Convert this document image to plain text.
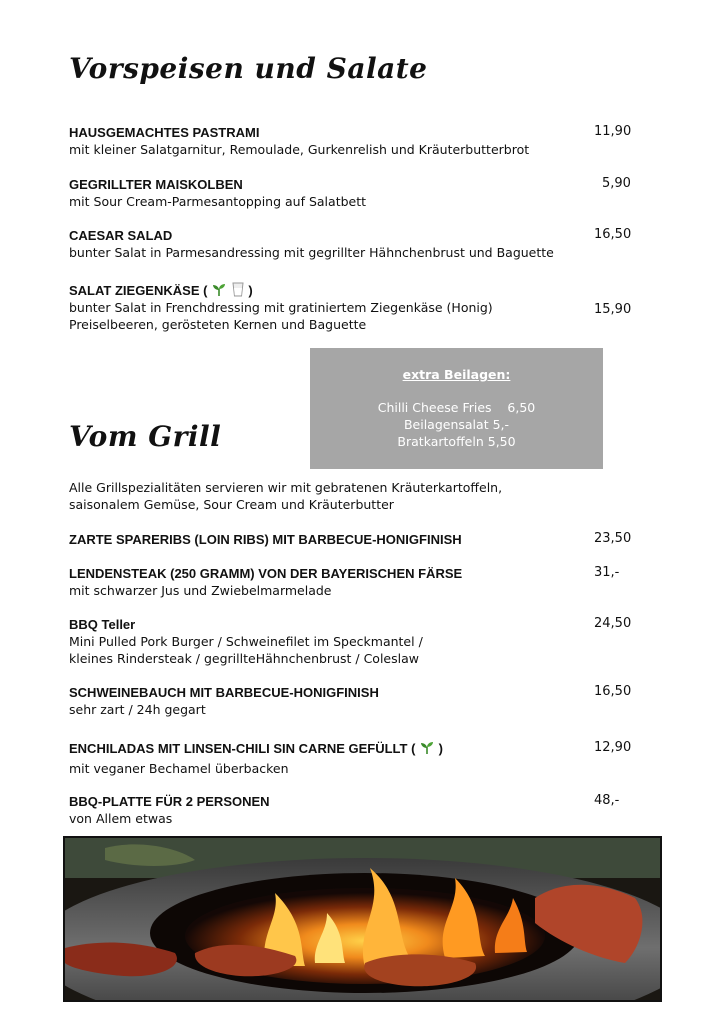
Vorspeisen und Salate
HAUSGEMACHTES PASTRAMI
mit kleiner Salatgarnitur, Remoulade, Gurkenrelish und Kräuterbutterbrot
11,90
GEGRILLTER MAISKOLBEN
mit Sour Cream-Parmesantopping auf Salatbett
5,90
CAESAR SALAD
bunter Salat in Parmesandressing mit gegrillter Hähnchenbrust und Baguette
16,50
SALAT ZIEGENKÄSE (	)
bunter Salat in Frenchdressing mit gratiniertem Ziegenkäse (Honig)
Preiselbeeren, gerösteten Kernen und Baguette
15,90
extra Beilagen:
Chilli Cheese Fries    6,50
Beilagensalat 5,-
Bratkartoffeln 5,50
Vom Grill
Alle Grillspezialitäten servieren wir mit gebratenen Kräuterkartoffeln,
saisonalem Gemüse, Sour Cream und Kräuterbutter
ZARTE SPARERIBS (LOIN RIBS) MIT BARBECUE-HONIGFINISH	23,50
LENDENSTEAK (250 GRAMM) VON DER BAYERISCHEN FÄRSE
mit schwarzer Jus und Zwiebelmarmelade
31,-
BBQ Teller
Mini Pulled Pork Burger / Schweinefilet im Speckmantel /
kleines Rindersteak / gegrillteHähnchenbrust / Coleslaw
24,50
SCHWEINEBAUCH MIT BARBECUE-HONIGFINISH
sehr zart / 24h gegart
16,50
ENCHILADAS MIT LINSEN-CHILI SIN CARNE GEFÜLLT ( )
mit veganer Bechamel überbacken
12,90
BBQ-PLATTE FÜR 2 PERSONEN
von Allem etwas
48,-
